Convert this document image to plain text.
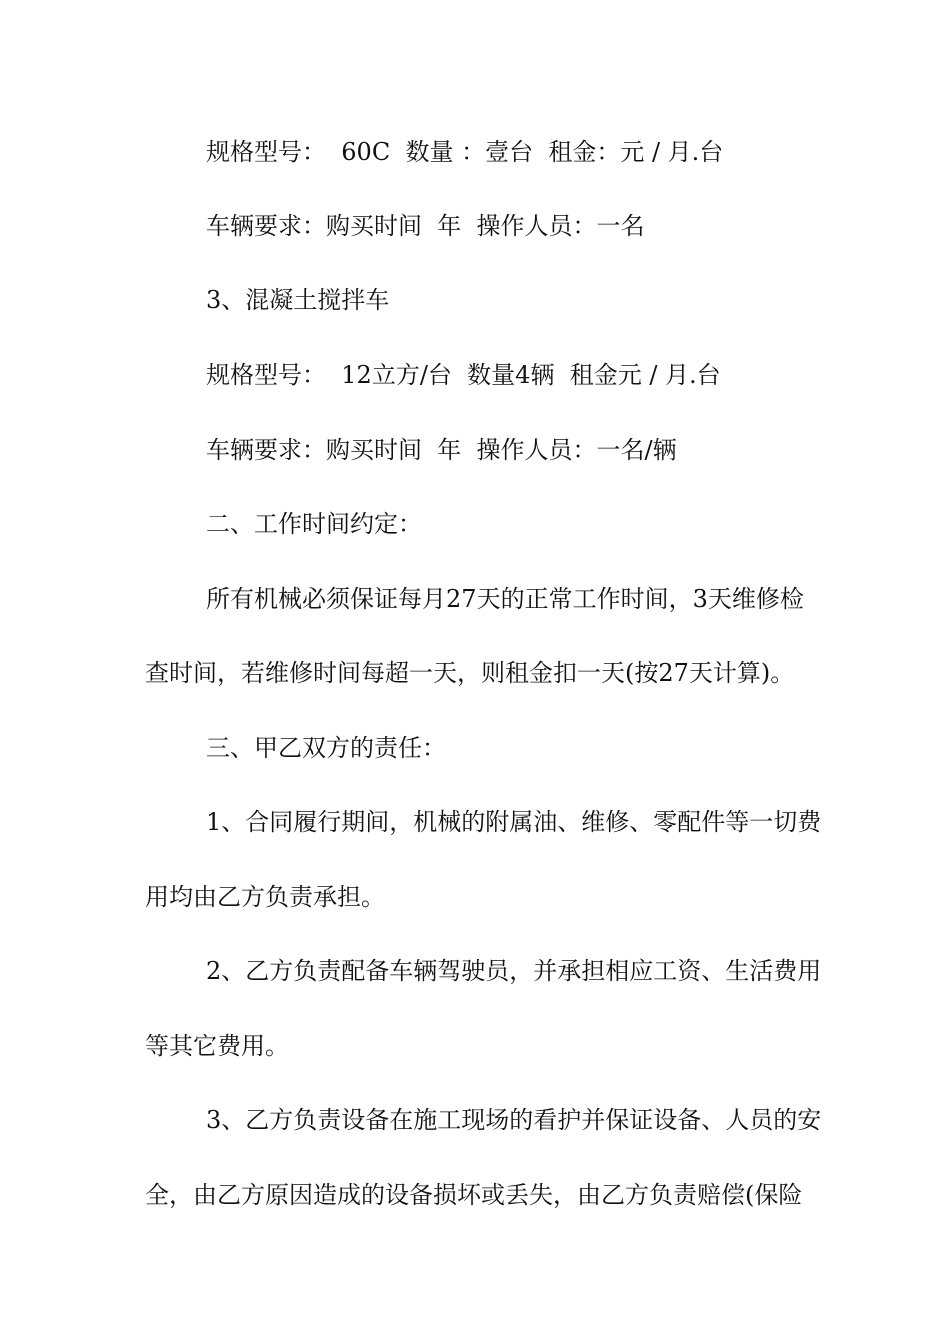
规格型号：  60C  数量 ：壹台  租金：元 / 月.台

车辆要求：购买时间  年  操作人员：一名

3、混凝土搅拌车

规格型号：  12立方/台  数量4辆  租金元 / 月.台

车辆要求：购买时间  年  操作人员：一名/辆

二、工作时间约定：

所有机械必须保证每月27天的正常工作时间，3天维修检

查时间，若维修时间每超一天，则租金扣一天(按27天计算)。

三、甲乙双方的责任：

1、合同履行期间，机械的附属油、维修、零配件等一切费

用均由乙方负责承担。

2、乙方负责配备车辆驾驶员，并承担相应工资、生活费用

等其它费用。

3、乙方负责设备在施工现场的看护并保证设备、人员的安

全，由乙方原因造成的设备损坏或丢失，由乙方负责赔偿(保险
